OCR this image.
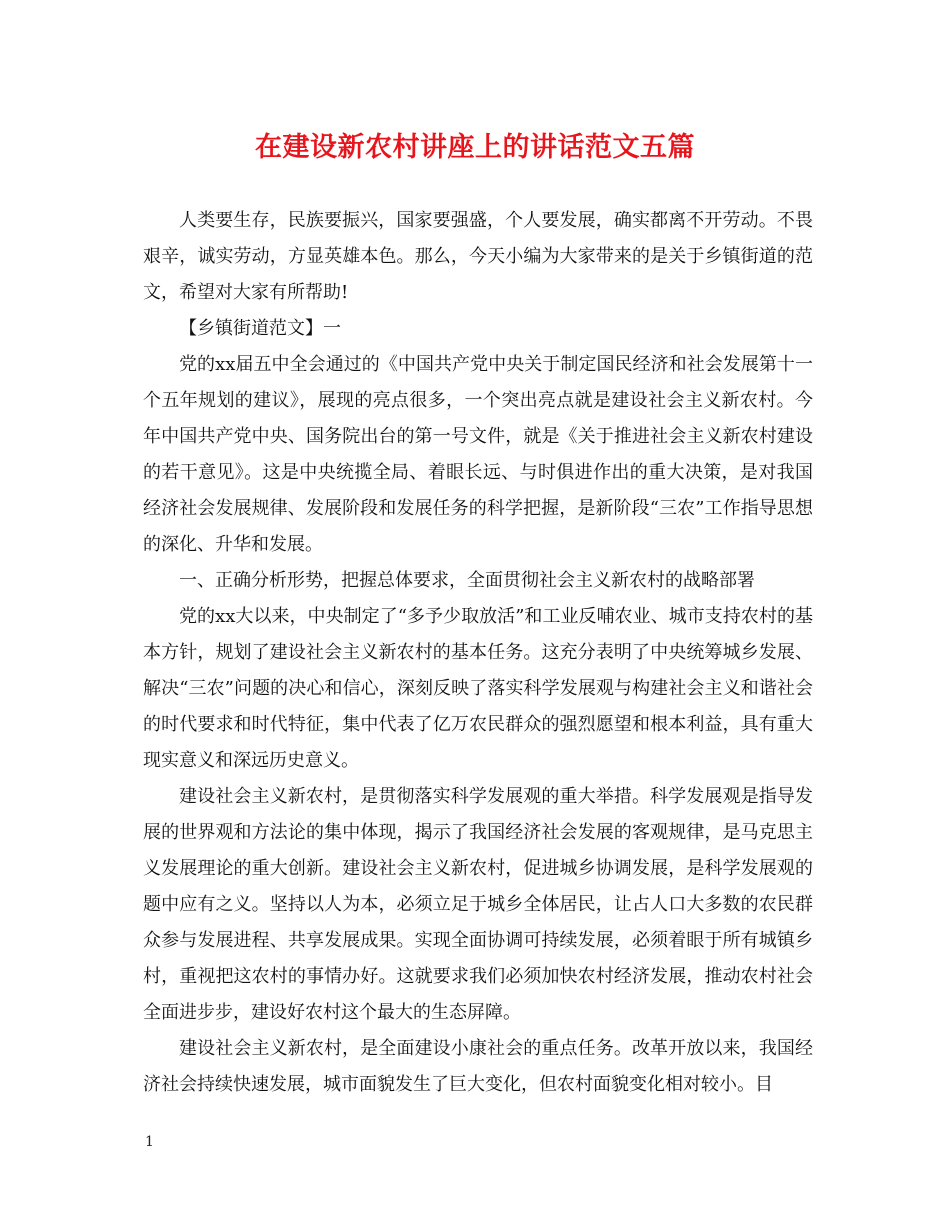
在建设新农村讲座上的讲话范文五篇

人类要生存，民族要振兴，国家要强盛，个人要发展，确实都离不开劳动。不畏艰辛，诚实劳动，方显英雄本色。那么，今天小编为大家带来的是关于乡镇街道的范文，希望对大家有所帮助!

【乡镇街道范文】一

党的xx届五中全会通过的《中国共产党中央关于制定国民经济和社会发展第十一个五年规划的建议》，展现的亮点很多，一个突出亮点就是建设社会主义新农村。今年中国共产党中央、国务院出台的第一号文件，就是《关于推进社会主义新农村建设的若干意见》。这是中央统揽全局、着眼长远、与时俱进作出的重大决策，是对我国经济社会发展规律、发展阶段和发展任务的科学把握，是新阶段“三农”工作指导思想的深化、升华和发展。

一、正确分析形势，把握总体要求，全面贯彻社会主义新农村的战略部署

党的xx大以来，中央制定了“多予少取放活”和工业反哺农业、城市支持农村的基本方针，规划了建设社会主义新农村的基本任务。这充分表明了中央统筹城乡发展、解决“三农”问题的决心和信心，深刻反映了落实科学发展观与构建社会主义和谐社会的时代要求和时代特征，集中代表了亿万农民群众的强烈愿望和根本利益，具有重大现实意义和深远历史意义。

建设社会主义新农村，是贯彻落实科学发展观的重大举措。科学发展观是指导发展的世界观和方法论的集中体现，揭示了我国经济社会发展的客观规律，是马克思主义发展理论的重大创新。建设社会主义新农村，促进城乡协调发展，是科学发展观的题中应有之义。坚持以人为本，必须立足于城乡全体居民，让占人口大多数的农民群众参与发展进程、共享发展成果。实现全面协调可持续发展，必须着眼于所有城镇乡村，重视把这农村的事情办好。这就要求我们必须加快农村经济发展，推动农村社会全面进步步，建设好农村这个最大的生态屏障。

建设社会主义新农村，是全面建设小康社会的重点任务。改革开放以来，我国经济社会持续快速发展，城市面貌发生了巨大变化，但农村面貌变化相对较小。目

1
